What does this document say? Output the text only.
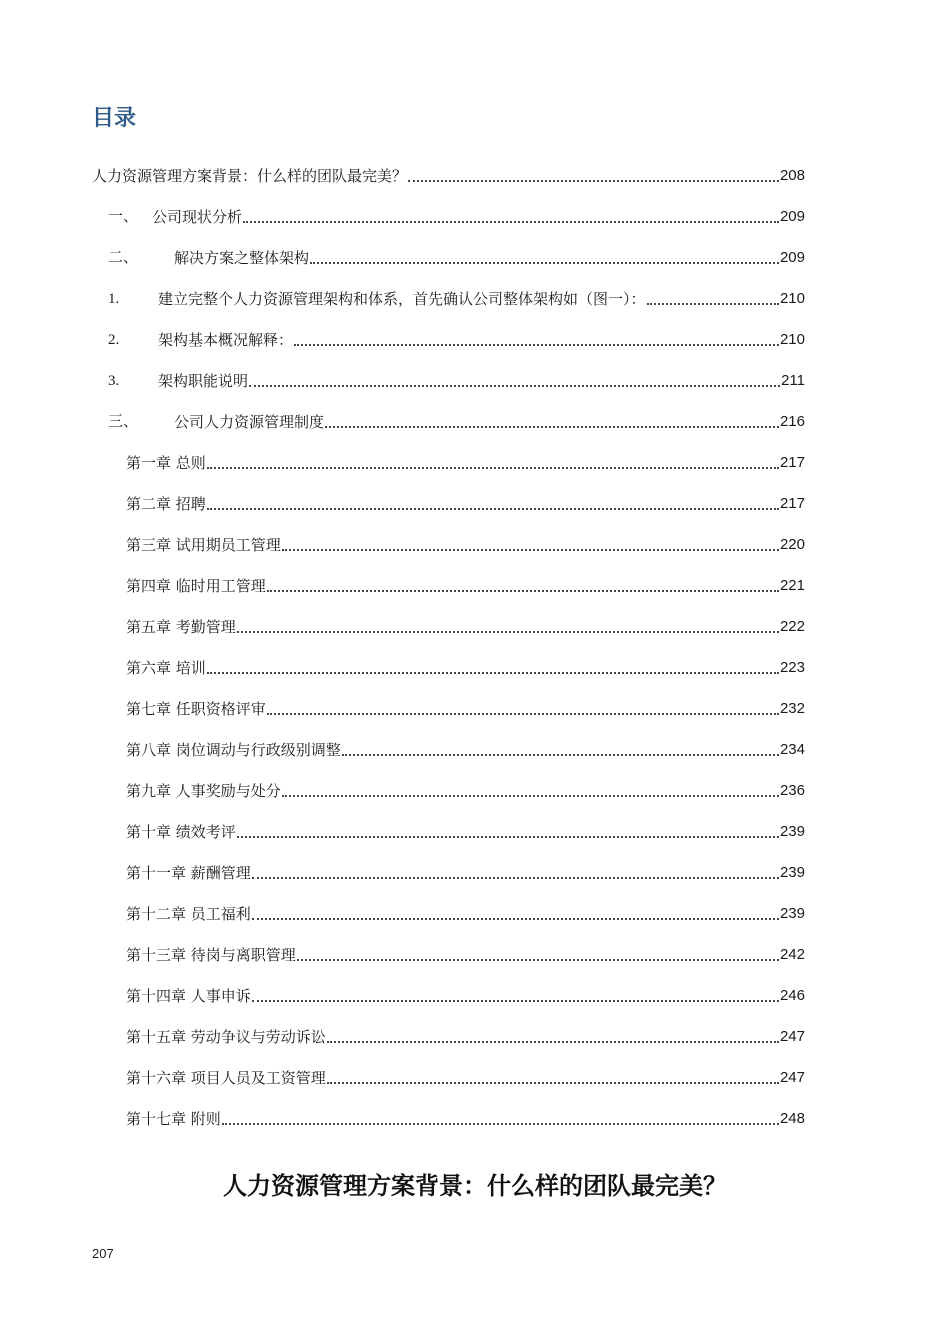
目录
人力资源管理方案背景：什么样的团队最完美？	208
一、 公司现状分析	209
二、	解决方案之整体架构	209
1.	建立完整个人力资源管理架构和体系，首先确认公司整体架构如（图一）：	210
2.	架构基本概况解释：	210
3.	架构职能说明	211
三、	公司人力资源管理制度	216
第一章 总则	217
第二章 招聘	217
第三章 试用期员工管理	220
第四章 临时用工管理	221
第五章 考勤管理	222
第六章 培训	223
第七章 任职资格评审	232
第八章 岗位调动与行政级别调整	234
第九章 人事奖励与处分	236
第十章 绩效考评	239
第十一章 薪酬管理	239
第十二章 员工福利	239
第十三章 待岗与离职管理	242
第十四章 人事申诉	246
第十五章 劳动争议与劳动诉讼	247
第十六章 项目人员及工资管理	247
第十七章 附则	248
人力资源管理方案背景：什么样的团队最完美？
207
